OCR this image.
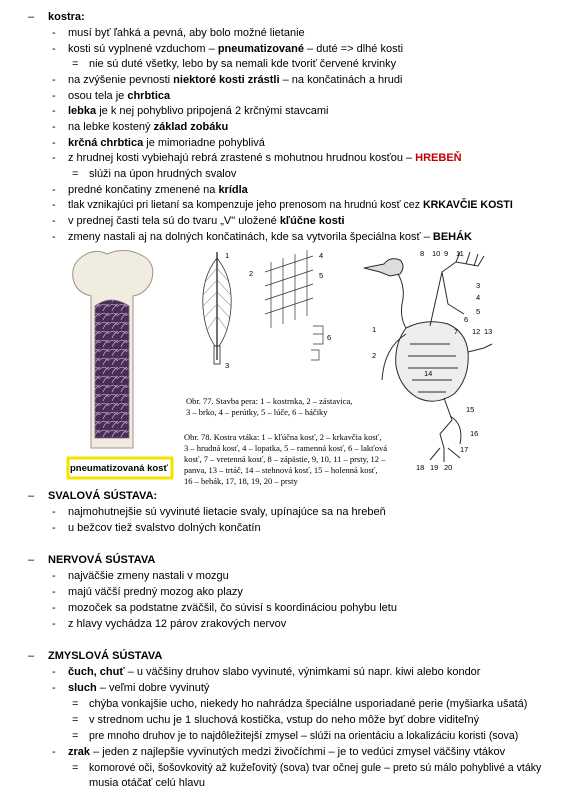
– kostra:
- musí byť ľahká a pevná, aby bolo možné lietanie
- kosti sú vyplnené vzduchom – pneumatizované – duté => dlhé kosti
= nie sú duté všetky, lebo by sa nemali kde tvoriť červené krvinky
- na zvýšenie pevnosti niektoré kosti zrástli – na končatinách a hrudi
- osou tela je chrbtica
- lebka je k nej pohyblivo pripojená 2 krčnými stavcami
- na lebke kostený základ zobáku
- krčná chrbtica je mimoriadne pohyblivá
- z hrudnej kosti vybiehajú rebrá zrastené s mohutnou hrudnou kosťou – HREBEŇ
= slúži na úpon hrudných svalov
- predné končatiny zmenené na krídla
- tlak vznikajúci pri lietaní sa kompenzuje jeho prenosom na hrudnú kosť cez KRKAVČIE KOSTI
- v prednej časti tela sú do tvaru „V" uložené kľúčne kosti
- zmeny nastali aj na dolných končatinách, kde sa vytvorila špeciálna kosť – BEHÁK
pneumatizovaná kosť
1
2
3
4
5
6
Obr. 77. Stavba pera: 1 – kostrnka, 2 – zástavica,
3 – brko, 4 – perútky, 5 – lúče, 6 – háčiky
Obr. 78. Kostra vtáka: 1 – kľúčna kosť, 2 – krkavčia kosť,
3 – hrudná kosť, 4 – lopatka, 5 – ramenná kosť, 6 – lakťová
kosť, 7 – vretenná kosť, 8 – zápästie, 9, 10, 11 – prsty, 12 –
panva, 13 – trtáč, 14 – stehnová kosť, 15 – holenná kosť,
16 – behák, 17, 18, 19, 20 – prsty
8 10 9 11
1
2
3
4
5
6
7 12 13
14
15
16
17
18 19 20
– SVALOVÁ SÚSTAVA:
- najmohutnejšie sú vyvinuté lietacie svaly, upínajúce sa na hrebeň
- u bežcov tiež svalstvo dolných končatín
– NERVOVÁ SÚSTAVA
- najväčšie zmeny nastali v mozgu
- majú väčší predný mozog ako plazy
- mozoček sa podstatne zväčšil, čo súvisí s koordináciou pohybu letu
- z hlavy vychádza 12 párov zrakových nervov
– ZMYSLOVÁ SÚSTAVA
- čuch, chuť – u väčšiny druhov slabo vyvinuté, výnimkami sú napr. kiwi alebo kondor
- sluch – veľmi dobre vyvinutý
= chýba vonkajšie ucho, niekedy ho nahrádza špeciálne usporiadané perie (myšiarka ušatá)
= v strednom uchu je 1 sluchová kostička, vstup do neho môže byť dobre viditeľný
= pre mnoho druhov je to najdôležitejší zmysel – slúži na orientáciu a lokalizáciu koristi (sova)
- zrak – jeden z najlepšie vyvinutých medzi živočíchmi – je to vedúci zmysel väčšiny vtákov
= komorové oči, šošovkovitý až kužeľovitý (sova) tvar očnej gule – preto sú málo pohyblivé a vtáky
musia otáčať celú hlavu
